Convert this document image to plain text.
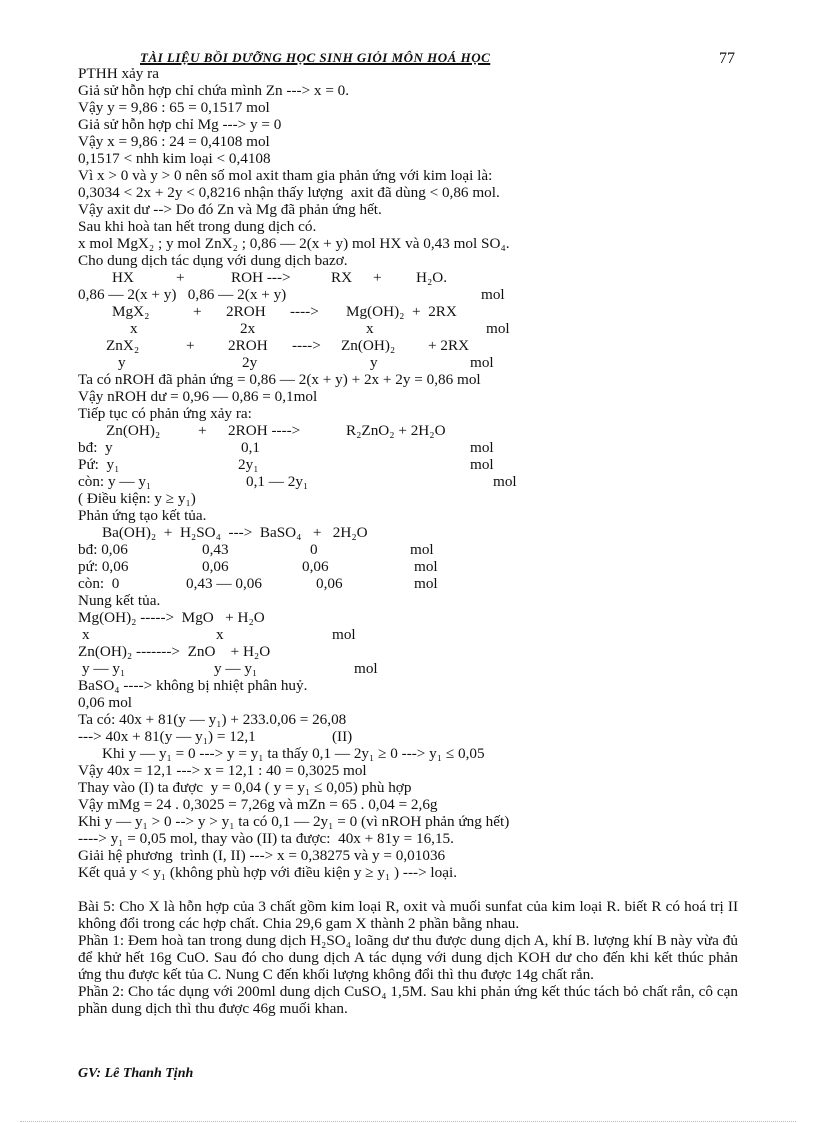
TÀI LIỆU BỒI DƯỠNG HỌC SINH GIỎI MÔN HOÁ HỌC	77
PTHH xảy ra
Giả sử hỗn hợp chỉ chứa mình Zn ---> x = 0.
Vậy y = 9,86 : 65 = 0,1517 mol
Giả sử hỗn hợp chỉ Mg ---> y = 0
Vậy x = 9,86 : 24 = 0,4108 mol
0,1517 < nhh kim loại < 0,4108
Vì x > 0 và y > 0 nên số mol axit tham gia phản ứng với kim loại là:
0,3034 < 2x + 2y < 0,8216 nhận thấy lượng  axit đã dùng < 0,86 mol.
Vậy axit dư --> Do đó Zn và Mg đã phản ứng hết.
Sau khi hoà tan hết trong dung dịch có.
x mol MgX₂ ; y mol ZnX₂ ; 0,86 — 2(x + y) mol HX và 0,43 mol SO₄.
Cho dung dịch tác dụng với dung dịch bazơ.
HX	+	ROH --->	RX + H₂O.
0,86 — 2(x + y)   0,86 — 2(x + y)	mol
MgX₂	+ 2ROH ----> Mg(OH)₂  +  2RX
x	2x	x	mol
ZnX₂	+ 2ROH ----> Zn(OH)₂ + 2RX
y	2y	y	mol
Ta có nROH đã phản ứng = 0,86 — 2(x + y) + 2x + 2y = 0,86 mol
Vậy nROH dư = 0,96 — 0,86 = 0,1mol
Tiếp tục có phản ứng xảy ra:
Zn(OH)₂ + 2ROH ---->	R₂ZnO₂ + 2H₂O
bđ:  y	0,1	mol
Pứ:  y₁	2y₁	mol
còn: y — y₁	0,1 — 2y₁	mol
( Điều kiện: y ≥ y₁)
Phản ứng tạo kết tủa.
Ba(OH)₂  +  H₂SO₄  --->  BaSO₄   +   2H₂O
bđ: 0,06	0,43	0	mol
pứ: 0,06	0,06	0,06	mol
còn:  0	0,43 — 0,06	0,06	mol
Nung kết tủa.
Mg(OH)₂ ----->  MgO   + H₂O
x	x	mol
Zn(OH)₂ ------->  ZnO    + H₂O
y — y₁	y — y₁	mol
BaSO₄ ----> không bị nhiệt phân huỷ.
0,06 mol
Ta có: 40x + 81(y — y₁) + 233.0,06 = 26,08
---> 40x + 81(y — y₁) = 12,1	(II)
Khi y — y₁ = 0 ---> y = y₁ ta thấy 0,1 — 2y₁ ≥ 0 ---> y₁ ≤ 0,05
Vậy 40x = 12,1 ---> x = 12,1 : 40 = 0,3025 mol
Thay vào (I) ta được  y = 0,04 ( y = y₁ ≤ 0,05) phù hợp
Vậy mMg = 24 . 0,3025 = 7,26g và mZn = 65 . 0,04 = 2,6g
Khi y — y₁ > 0 --> y > y₁ ta có 0,1 — 2y₁ = 0 (vì nROH phản ứng hết)
----> y₁ = 0,05 mol, thay vào (II) ta được:  40x + 81y = 16,15.
Giải hệ phương  trình (I, II) ---> x = 0,38275 và y = 0,01036
Kết quả y < y₁ (không phù hợp với điều kiện y ≥ y₁ ) ---> loại.
Bài 5: Cho X là hỗn hợp của 3 chất gồm kim loại R, oxit và muối sunfat của kim loại R. biết R có hoá trị II không đổi trong các hợp chất. Chia 29,6 gam X thành 2 phần bằng nhau.
Phần 1: Đem hoà tan trong dung dịch H₂SO₄ loãng dư thu được dung dịch A, khí B. lượng khí B này vừa đủ để khử hết 16g CuO. Sau đó cho dung dịch A tác dụng với dung dịch KOH dư cho đến khi kết thúc phản ứng thu được kết tủa C. Nung C đến khối lượng không đổi thì thu được 14g chất rắn.
Phần 2: Cho tác dụng với 200ml dung dịch CuSO₄ 1,5M. Sau khi phản ứng kết thúc tách bỏ chất rắn, cô cạn phần dung dịch thì thu được 46g muối khan.
GV: Lê Thanh Tịnh
